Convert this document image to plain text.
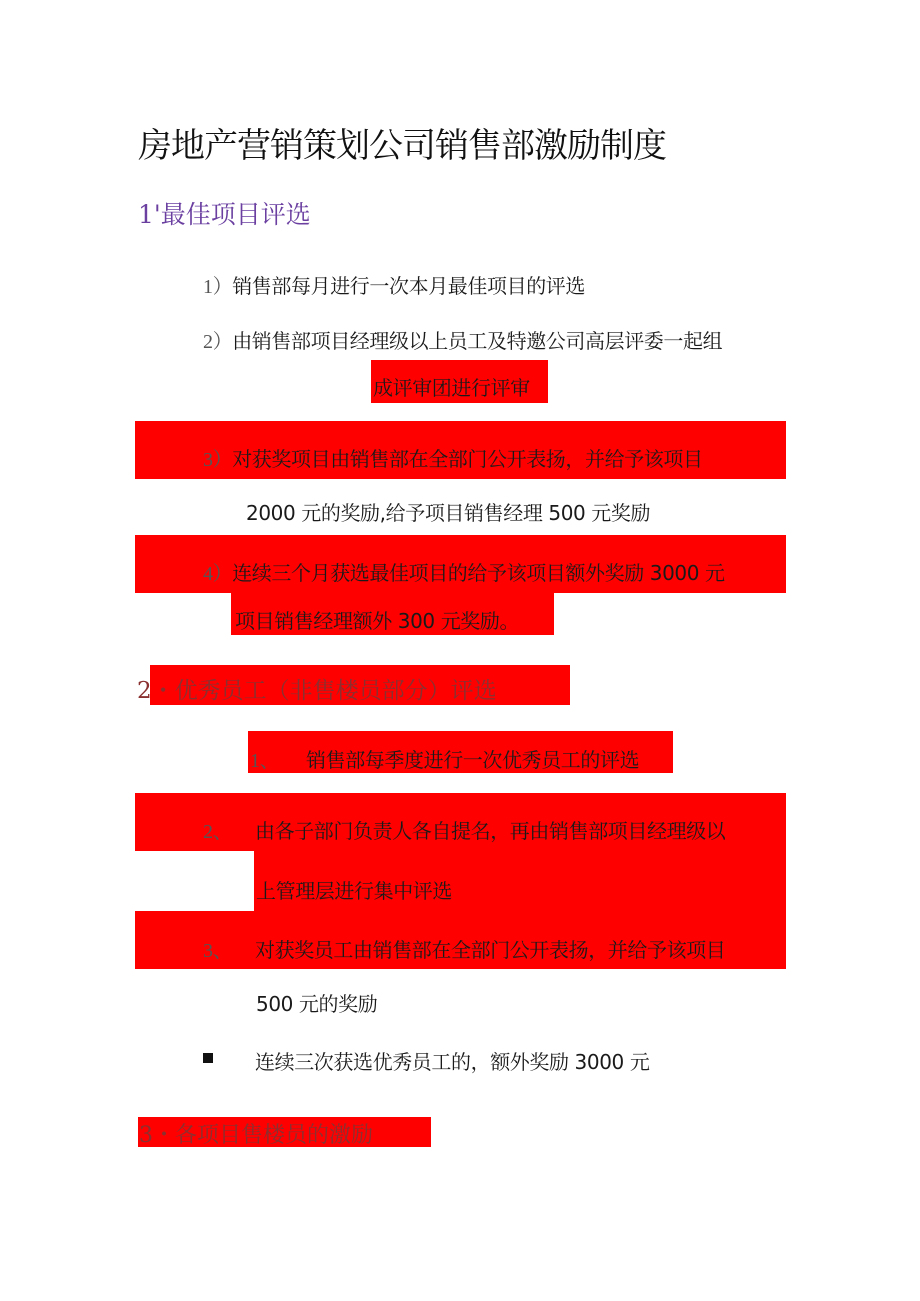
房地产营销策划公司销售部激励制度
1'最佳项目评选
1）销售部每月进行一次本月最佳项目的评选
2）由销售部项目经理级以上员工及特邀公司高层评委一起组
成评审团进行评审
3）对获奖项目由销售部在全部门公开表扬，并给予该项目
2000 元的奖励,给予项目销售经理 500 元奖励
4）连续三个月获选最佳项目的给予该项目额外奖励 3000 元
项目销售经理额外 300 元奖励。
2・优秀员工（非售楼员部分）评选
1、 销售部每季度进行一次优秀员工的评选
2、 由各子部门负责人各自提名，再由销售部项目经理级以
上管理层进行集中评选
3、 对获奖员工由销售部在全部门公开表扬，并给予该项目
500 元的奖励
连续三次获选优秀员工的，额外奖励 3000 元
3・各项目售楼员的激励
